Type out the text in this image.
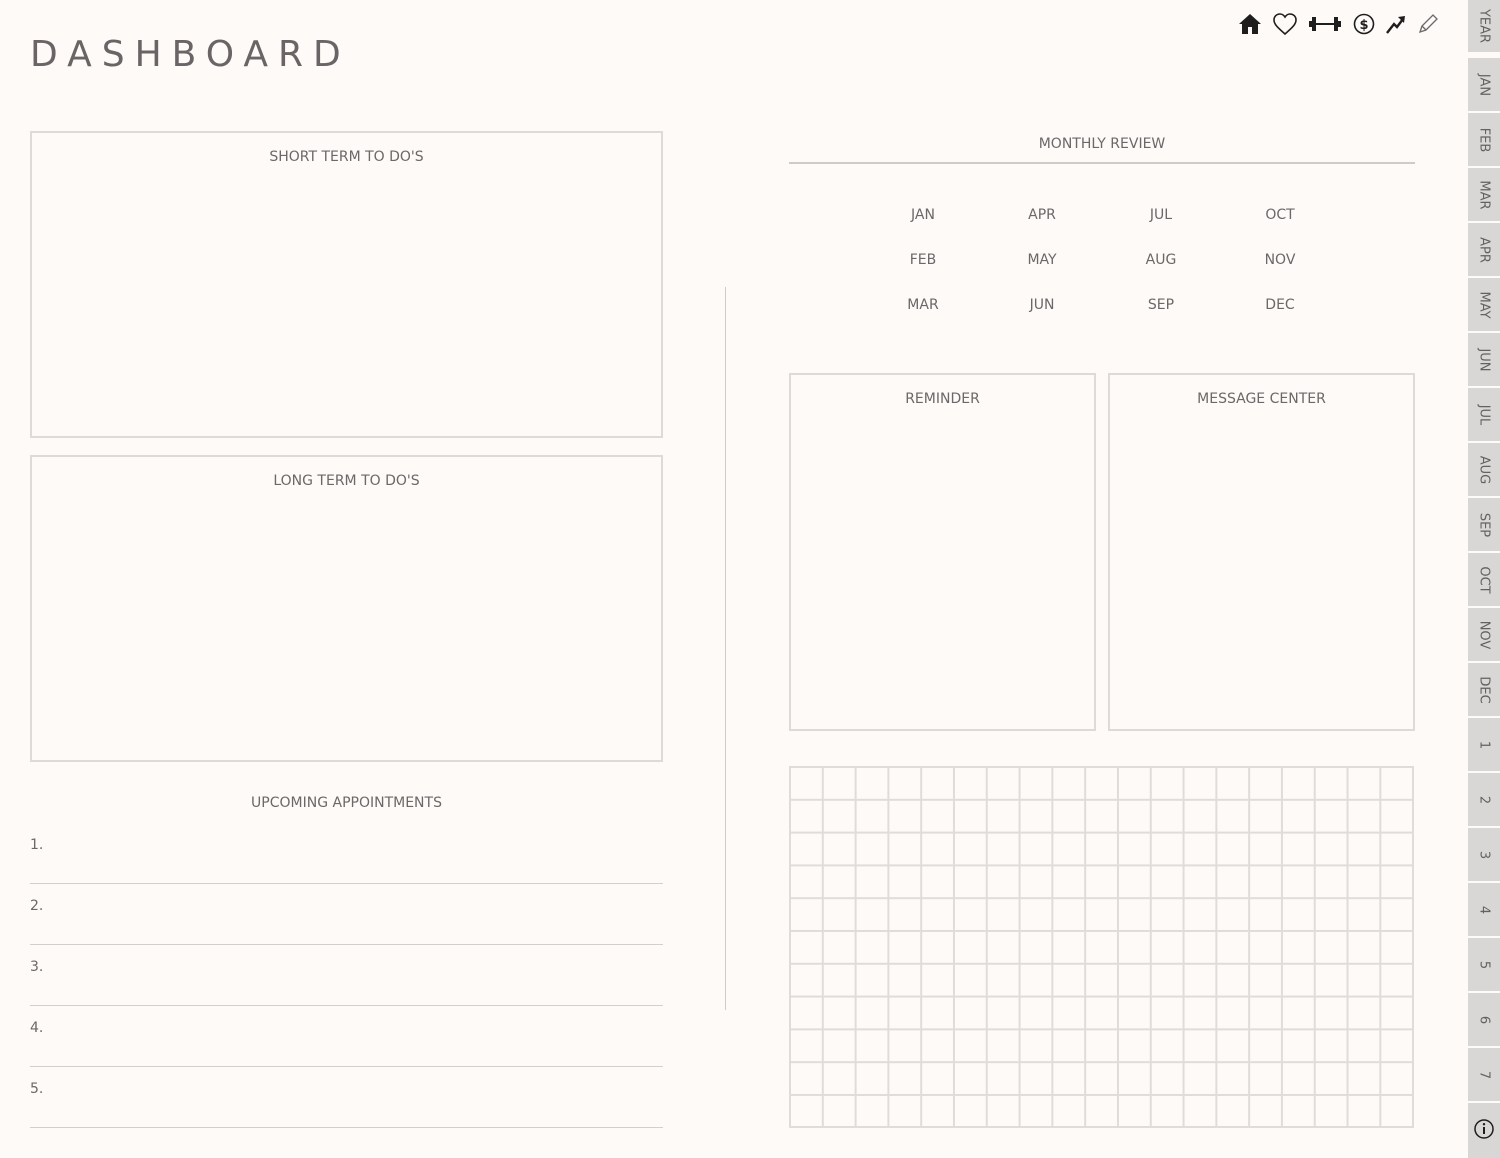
DASHBOARD
$
SHORT TERM TO DO'S
LONG TERM TO DO'S
UPCOMING APPOINTMENTS
1.
2.
3.
4.
5.
MONTHLY REVIEW
JAN
FEB
MAR
APR
MAY
JUN
JUL
AUG
SEP
OCT
NOV
DEC
REMINDER	MESSAGE CENTER
YEAR
JAN
FEB
MAR
APR
MAY
JUN
JUL
AUG
SEP
OCT
NOV
DEC
1
2
3
4
5
6
7
